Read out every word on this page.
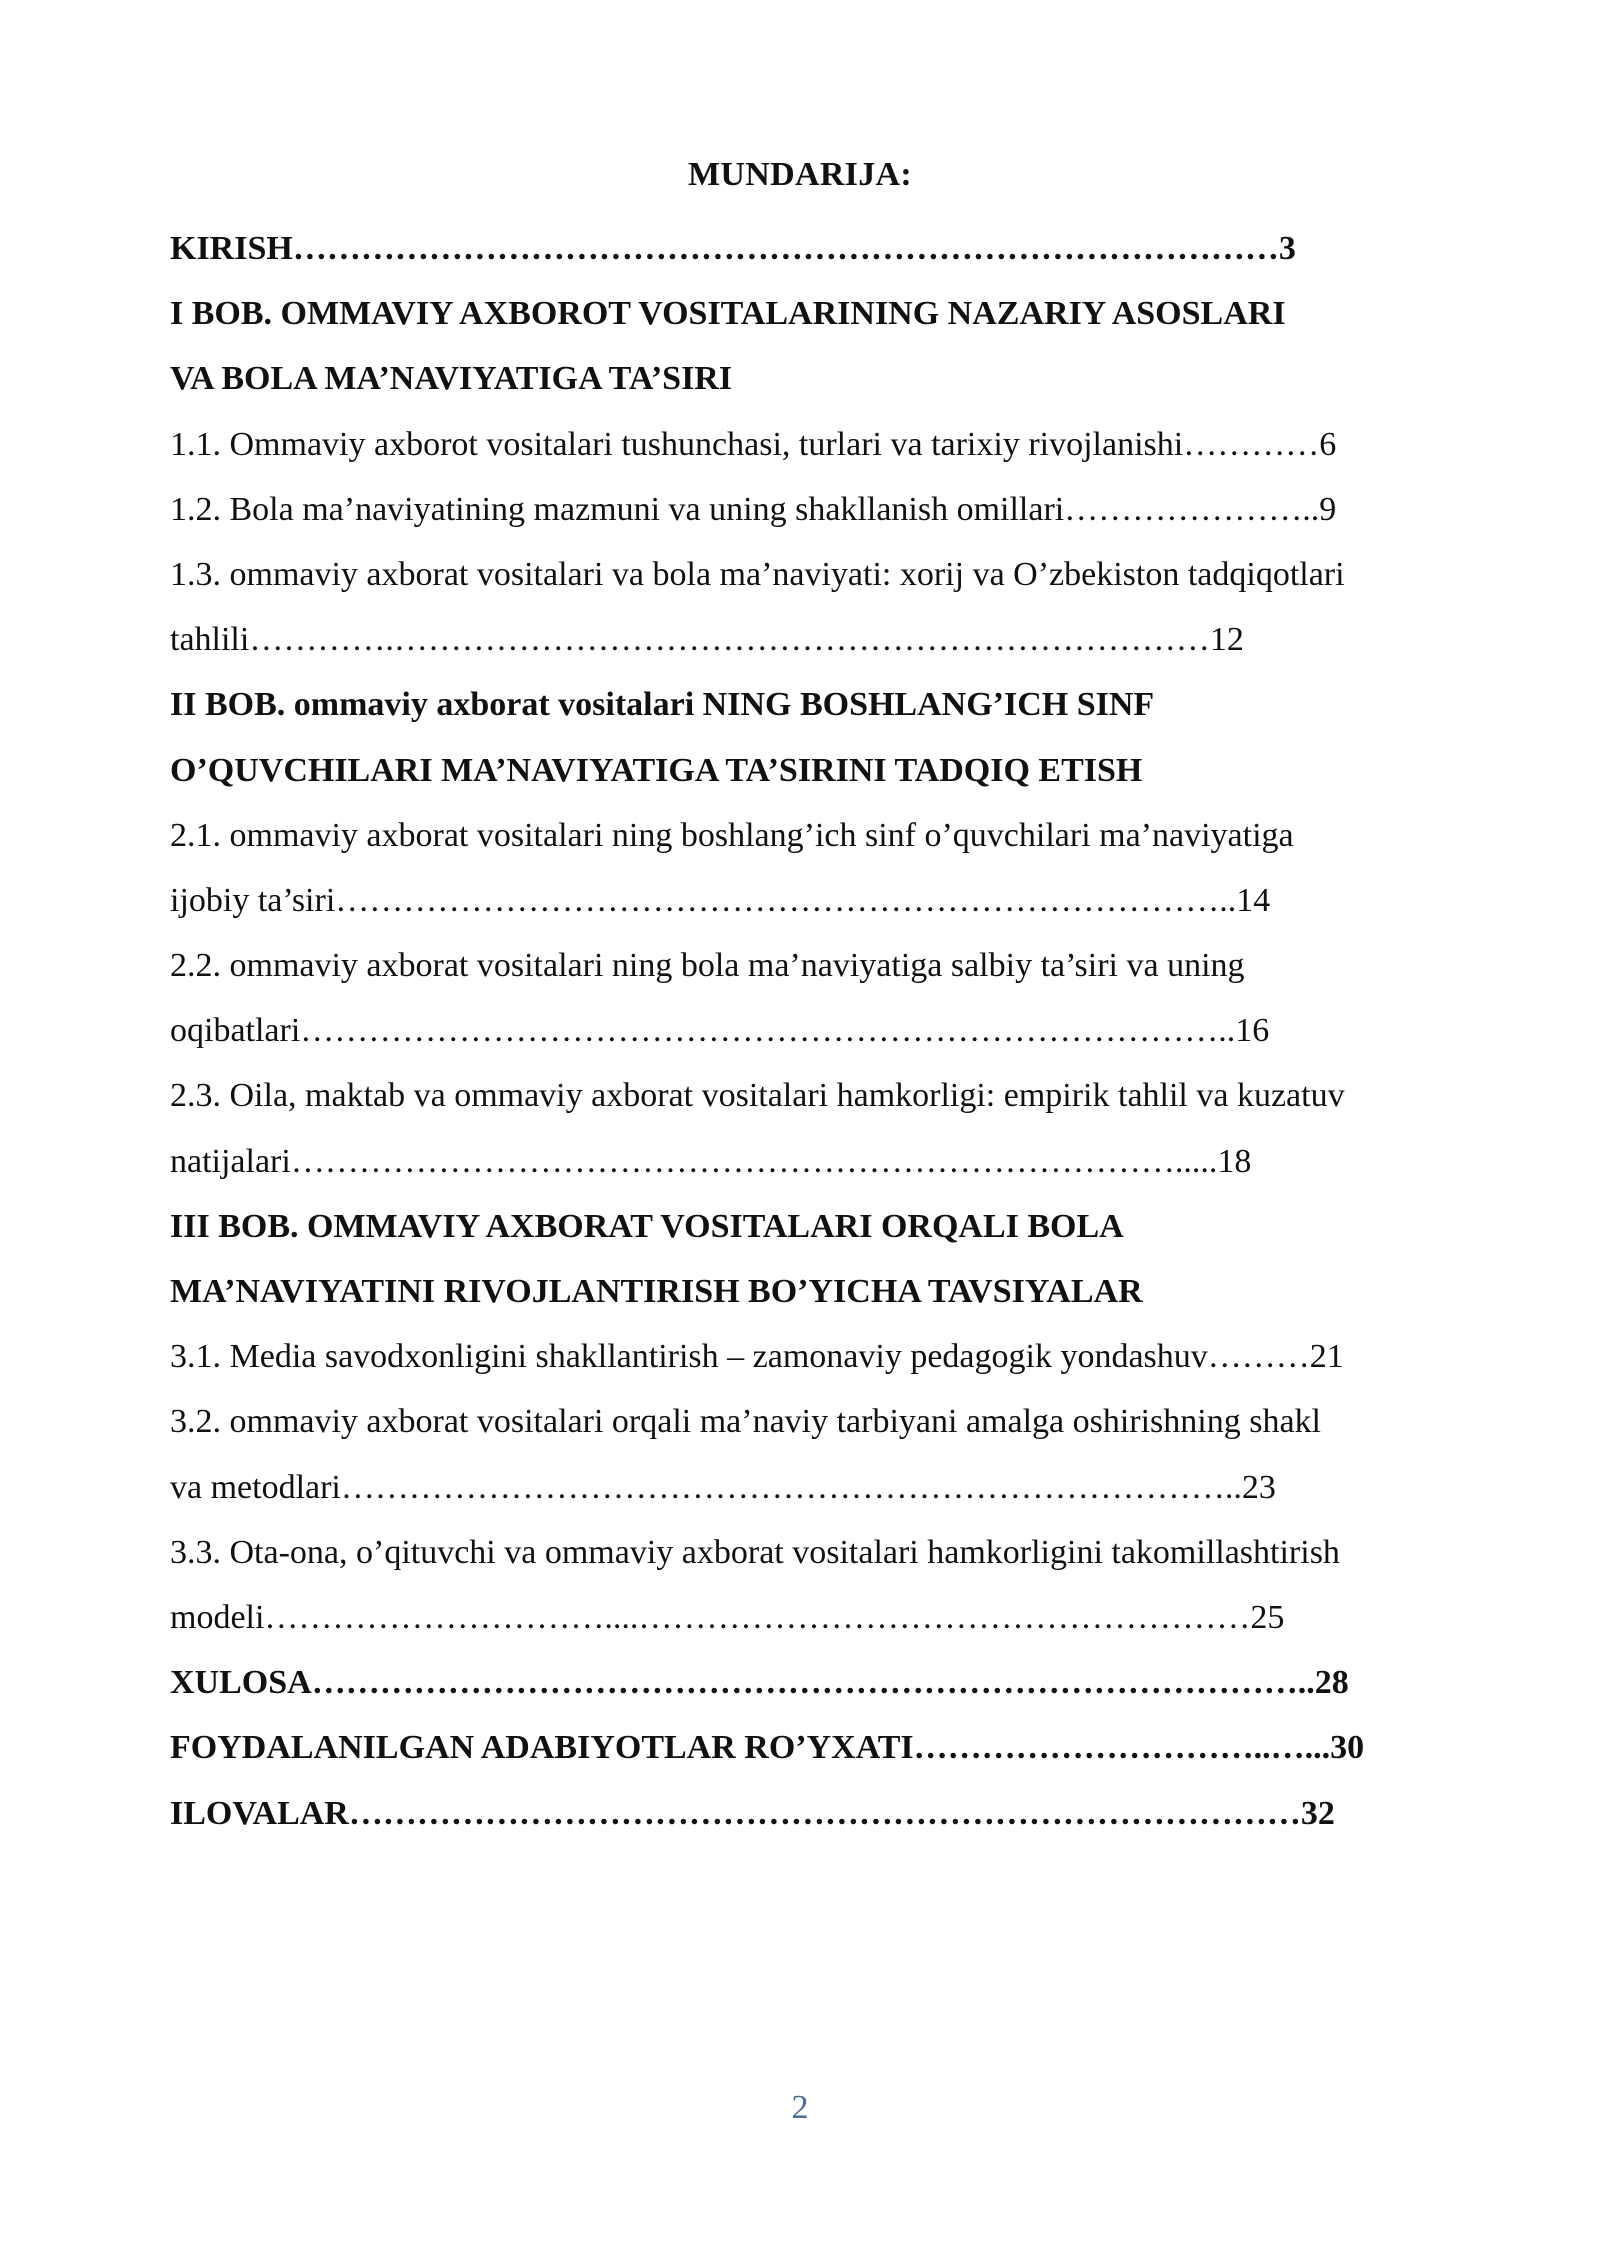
MUNDARIJA:
KIRISH……………………………………………………………………………3
I BOB. OMMAVIY AXBOROT VOSITALARINING NAZARIY ASOSLARI
VA BOLA MA’NAVIYATIGA TA’SIRI
1.1. Ommaviy axborot vositalari tushunchasi, turlari va tarixiy rivojlanishi…………6
1.2. Bola ma’naviyatining mazmuni va uning shakllanish omillari…………………..9
1.3. ommaviy axborat vositalari va bola ma’naviyati: xorij va O’zbekiston tadqiqotlari
tahlili………….………………………………………………………………12
II BOB. ommaviy axborat vositalari NING BOSHLANG’ICH SINF
O’QUVCHILARI MA’NAVIYATIGA TA’SIRINI TADQIQ ETISH
2.1. ommaviy axborat vositalari ning boshlang’ich sinf o’quvchilari ma’naviyatiga
ijobiy ta’siri……………………………………………………………………..14
2.2. ommaviy axborat vositalari ning bola ma’naviyatiga salbiy ta’siri va uning
oqibatlari………………………………………………………………………..16
2.3. Oila, maktab va ommaviy axborat vositalari hamkorligi: empirik tahlil va kuzatuv
natijalari…………………………………………………………………….....18
III BOB. OMMAVIY AXBORAT VOSITALARI ORQALI BOLA
MA’NAVIYATINI RIVOJLANTIRISH BO’YICHA TAVSIYALAR
3.1. Media savodxonligini shakllantirish – zamonaviy pedagogik yondashuv………21
3.2. ommaviy axborat vositalari orqali ma’naviy tarbiyani amalga oshirishning shakl
va metodlari……………………………………………………………………..23
3.3. Ota-ona, o’qituvchi va ommaviy axborat vositalari hamkorligini takomillashtirish
modeli…………………………....………………………………………………25
XULOSA……………………………………………………………………………..28
FOYDALANILGAN ADABIYOTLAR RO’YXATI…………………………..…...30
ILOVALAR…………………………………………………………………………32
2
